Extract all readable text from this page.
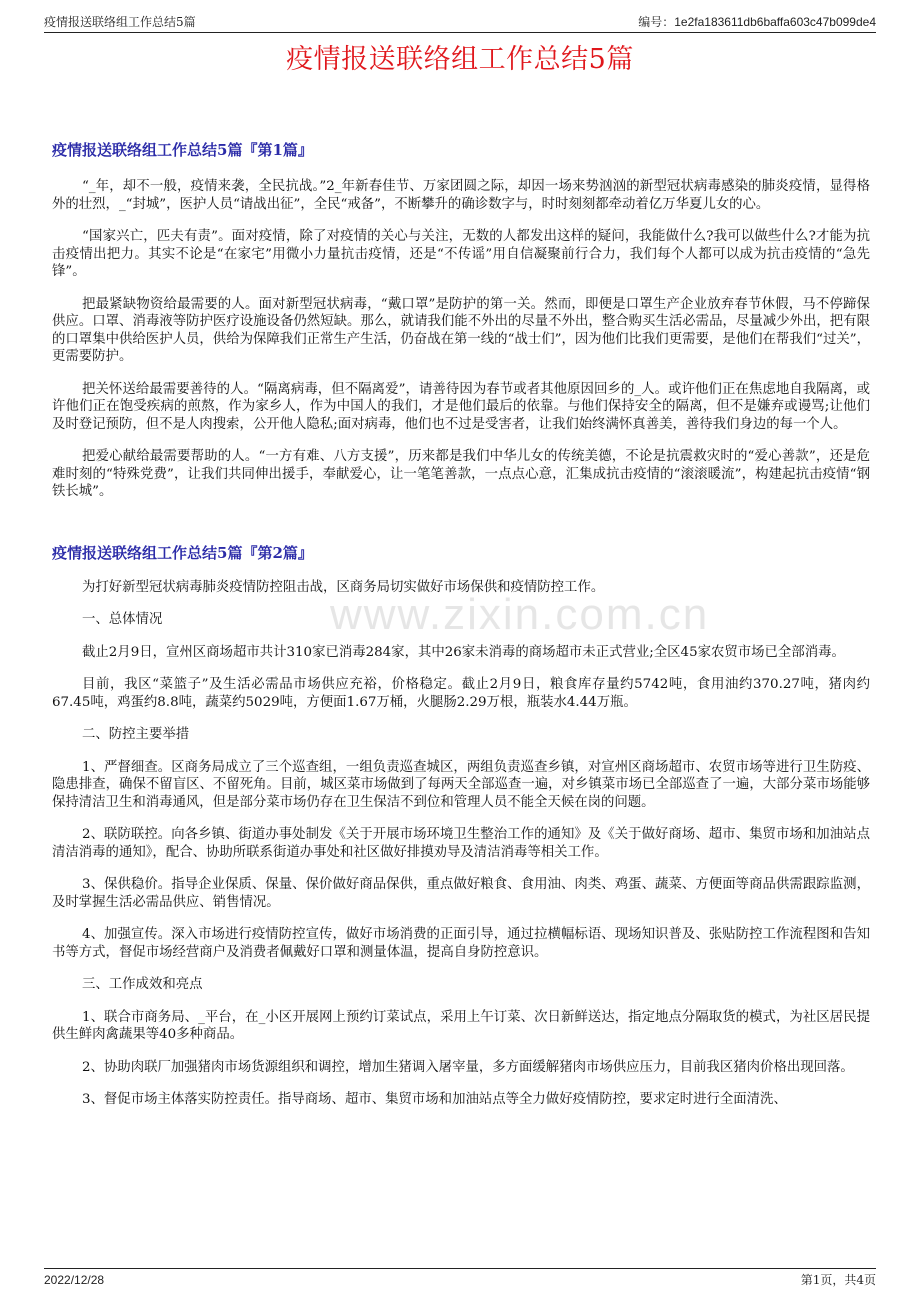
疫情报送联络组工作总结5篇	编号：1e2fa183611db6baffa603c47b099de4
疫情报送联络组工作总结5篇
www.zixin.com.cn
疫情报送联络组工作总结5篇『第1篇』

“_年，却不一般，疫情来袭，全民抗战。”2_年新春佳节、万家团圆之际，却因一场来势汹汹的新型冠状病毒感染的肺炎疫情，显得格外的壮烈，_“封城”，医护人员“请战出征”，全民“戒备”，不断攀升的确诊数字与，时时刻刻都牵动着亿万华夏儿女的心。

“国家兴亡，匹夫有责”。面对疫情，除了对疫情的关心与关注，无数的人都发出这样的疑问，我能做什么?我可以做些什么?才能为抗击疫情出把力。其实不论是“在家宅”用微小力量抗击疫情，还是“不传谣”用自信凝聚前行合力，我们每个人都可以成为抗击疫情的“急先锋”。

把最紧缺物资给最需要的人。面对新型冠状病毒，“戴口罩”是防护的第一关。然而，即便是口罩生产企业放弃春节休假，马不停蹄保供应。口罩、消毒液等防护医疗设施设备仍然短缺。那么，就请我们能不外出的尽量不外出，整合购买生活必需品，尽量减少外出，把有限的口罩集中供给医护人员，供给为保障我们正常生产生活，仍奋战在第一线的“战士们”，因为他们比我们更需要，是他们在帮我们“过关”，更需要防护。

把关怀送给最需要善待的人。“隔离病毒，但不隔离爱”，请善待因为春节或者其他原因回乡的_人。或许他们正在焦虑地自我隔离，或许他们正在饱受疾病的煎熬，作为家乡人，作为中国人的我们，才是他们最后的依靠。与他们保持安全的隔离，但不是嫌弃或谩骂;让他们及时登记预防，但不是人肉搜索，公开他人隐私;面对病毒，他们也不过是受害者，让我们始终满怀真善美，善待我们身边的每一个人。

把爱心献给最需要帮助的人。“一方有难、八方支援”，历来都是我们中华儿女的传统美德，不论是抗震救灾时的“爱心善款”，还是危难时刻的“特殊党费”，让我们共同伸出援手，奉献爱心，让一笔笔善款，一点点心意，汇集成抗击疫情的“滚滚暖流”，构建起抗击疫情“钢铁长城”。

疫情报送联络组工作总结5篇『第2篇』

为打好新型冠状病毒肺炎疫情防控阻击战，区商务局切实做好市场保供和疫情防控工作。

一、总体情况

截止2月9日，宣州区商场超市共计310家已消毒284家，其中26家未消毒的商场超市未正式营业;全区45家农贸市场已全部消毒。

目前，我区“菜篮子”及生活必需品市场供应充裕，价格稳定。截止2月9日，粮食库存量约5742吨，食用油约370.27吨，猪肉约67.45吨，鸡蛋约8.8吨，蔬菜约5029吨，方便面1.67万桶，火腿肠2.29万根，瓶装水4.44万瓶。

二、防控主要举措

1、严督细查。区商务局成立了三个巡查组，一组负责巡查城区，两组负责巡查乡镇，对宣州区商场超市、农贸市场等进行卫生防疫、隐患排查，确保不留盲区、不留死角。目前，城区菜市场做到了每两天全部巡查一遍，对乡镇菜市场已全部巡查了一遍，大部分菜市场能够保持清洁卫生和消毒通风，但是部分菜市场仍存在卫生保洁不到位和管理人员不能全天候在岗的问题。

2、联防联控。向各乡镇、街道办事处制发《关于开展市场环境卫生整治工作的通知》及《关于做好商场、超市、集贸市场和加油站点清洁消毒的通知》，配合、协助所联系街道办事处和社区做好排摸劝导及清洁消毒等相关工作。

3、保供稳价。指导企业保质、保量、保价做好商品保供，重点做好粮食、食用油、肉类、鸡蛋、蔬菜、方便面等商品供需跟踪监测，及时掌握生活必需品供应、销售情况。

4、加强宣传。深入市场进行疫情防控宣传，做好市场消费的正面引导，通过拉横幅标语、现场知识普及、张贴防控工作流程图和告知书等方式，督促市场经营商户及消费者佩戴好口罩和测量体温，提高自身防控意识。

三、工作成效和亮点

1、联合市商务局、_平台，在_小区开展网上预约订菜试点，采用上午订菜、次日新鲜送达，指定地点分隔取货的模式，为社区居民提供生鲜肉禽蔬果等40多种商品。

2、协助肉联厂加强猪肉市场货源组织和调控，增加生猪调入屠宰量，多方面缓解猪肉市场供应压力，目前我区猪肉价格出现回落。

3、督促市场主体落实防控责任。指导商场、超市、集贸市场和加油站点等全力做好疫情防控，要求定时进行全面清洗、

2022/12/28	第1页，共4页
